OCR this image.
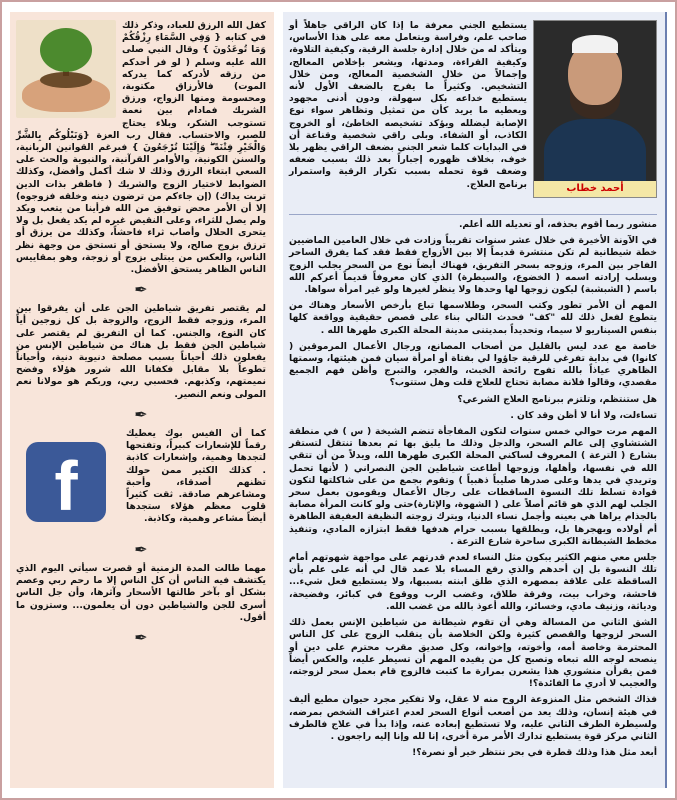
أحمد خطاب

يستطيع الجني معرفة ما إذا كان الراقي جاهلاً أو صاحب علم، وفراسة ويتعامل معه على هذا الأساس، ويتأكد له من خلال إدارة جلسة الرقية، وكيفية التلاوة، وكيفية القراءة، ومدتها، ويشعر بإخلاص المعالج، وإجمالاً من خلال الشخصية المعالج، ومن خلال التشخيص. وكثيراً ما يفرح بالضعف الأول لأنه يستطيع خداعه بكل سهولة، ودون أدنى مجهود ويعطيه ما يريد كأن من تمثيل وتظاهر سواء نوع الإصابة ليضلله ويؤكد تشخيصه الخاطئ، أو الخروج الكاذب، أو الشفاء. وبلى راقي شخصية وقناعة أن في البدايات كلما شعر الجني بضعف الراقي يظهر بلا خوف، بخلاف ظهوره إجباراً بعد ذلك بسبب ضعفه وضعف قوة تحمله بسبب تكرار الرقية واستمرار برنامج العلاج.

منشور ربما أقوم بحذفه، أو تعديله الله أعلم.

في الآونة الأخيرة في خلال عشر سنوات تقريباً وزادت في خلال العامين الماضيين خطة شيطانية لم تكن منتشرة قديماً إلا بين الأزواج فقط فقد كما يفرق الساحر الفاجر بين المرء، وزوجه بسحر التفريق، فهناك أيضاً نوع من السحر يجلب الزوج ويسلب إرادته اسمه ( الخضوع، والسيطرة) الذي كان معروفاً قديماً أعركم الله باسم ( الشبشبة) ليكون زوجها لها وحدها ولا ينظر لغيرها ولو غير امرأة سواها.

المهم أن الأمر تطور وكتب السحر، وطلاسمها تباع بأرخص الأسعار وهناك من يتطوع لفعل ذلك لله "كف" فحدث التالي بناء على قصص حقيقية وواقعة كلها بنفس السيناريو لا سيما، وتحديداً بمديتنى مدينة المحلة الكبرى طهرها الله .

خاصة مع عدد ليس بالقليل من أصحاب المصانع، ورجال الأعمال المرموقين ( كانوا) في بداية تفرغي للرقية جاؤوا لي بفتاة أو امرأة سيان فمن هيئتها، وسمتها الظاهري عياذاً بالله تفوح رائحة الخبث، والفجر، والتبرج وأظن فهم الجميع مقصدي، وقالوا فلانة مصابة تحتاج للعلاج قلت وهل ستتوب؟

هل ستنتظم، وتلتزم ببرنامج العلاج الشرعي؟

تساءلت، ولا أنا لا أظن وقد كان .

المهم مرت حوالي خمس سنوات لتكون المفاجأة تنضم الشيخة ( س ) في منطقة الشتشاوي إلى عالم السحر، والدجل وذلك ما يليق بها ثم بعدها تنتقل لتستقر بشارع ( الترعة ) المعروف لساكني المحلة الكبرى طهرها الله، ويدلاً من أن تتقي الله في نفسها، وأهلها، وزوجها أطاعت شياطين الجن النصراني ( لأنها تحمل وتريدي في يدها وعلى صدرها صليباً ذهبياً ) وتقوم بجمع من على شاكلتها لتكون قوادة تسلط تلك النسوة الساقطات على رجال الأعمال ويقومون بعمل سحر الجلب لهم الذي هو قائم أصلاً على ( الشهوة، والإثارة)حتى ولو كانت المرأة مصابة بالجذام يراها هي بعينه وأجمل نساء الدنيا، ويترك زوجته النظيفة العفيفة الطاهرة أم أولاده ويهجرها بل، ويطلقها بسبب حرام هدفها فقط ابتزازه المادي، وتنفيذ مخطط الشيطانة الكبرى ساحرة شارع الترعة .

جلس معي منهم الكثير يبكون مثل النساء لعدم قدرتهم على مواجهة شهوتهم أمام تلك النسوة بل إن أحدهم والذي رفع المساء بلا عمد قال لي أنه على علم بأن الساقطة على علاقة بمصهره الذي طلق ابنته بسببها، ولا يستطيع فعل شيء... فاحشة، وخراب بيت، وفرقة طلاق، وغضب الرب ووقوع في كبائر، وفضيحة، ودياثة، وزنيف مادي، وخسائر، والله أعوذ بالله من غضب الله.

الشق الثاني من المسالة وهي أن تقوم شيطانة من شياطين الإنس بعمل ذلك السحر لزوجها والقصص كثيرة ولكن الخلاصة بأن ينقلب الزوج على كل الناس المحترمة وخاصة أمه، وأخوته، وإخوانه، وكل صديق مقرب محترم على دين أو ينصحه لوجه الله تبعاه وتصبح كل من يفيده المهم أن تسيطر عليه، والعكس أيضاً فمن يقرأن منشوري هذا يشعرن بمرارة ما كتبت فالزوج قام بعمل سحر لزوجته، والعجيب لا أدري ما الفائدة؟!

فذاك الشخص مثل المنزوعة الروح منه لا عقل، ولا تفكير مجرد حيوان مطيع أليف في هيئة إنسان، وذلك يعد من أصعب أنواع السحر لعدم اعتراف الشخص بمرضه، ولسيطرة الطرف الثاني عليه، ولا تستطيع إبعاده عنه، وإذا بدأ في علاج فالطرف الثاني مركز قوة يستطيع تدارك الأمر مرة أخرى، إنا لله وإنا إليه راجعون .

أبعد مثل هذا وذلك قطرة في بحر ننتظر خير أو نصرة؟!

كفل الله الرزق للعباد، وذكر ذلك في كتابه { وَفِي السَّمَاءِ رِزْقُكُمْ وَمَا تُوعَدُونَ } وقال النبي صلى الله عليه وسلم ( لو فر أحدكم من رزقه لأدركه كما يدركه الموت) فالأرزاق مكتوبة، ومحسومة ومنها الزواج، ورزق الشريك فمادام بين نعمة تستوجب الشكر، وبلاء يحتاج للصبر، والاحتساب. فقال رب العزة {وَنَبْلُوكُم بِالشَّرِّ وَالْخَيْرِ فِتْنَةً ۖ وَإِلَيْنَا تُرْجَعُونَ } فبرغم القوانين الربانية، والسنن الكونية، والأوامر القرآنية، والنبوية والحث على السعي ابتغاء الرزق وذلك لا شك أكمل وأفضل، وكذلك الضوابط لاختيار الزوج والشريك ( فاظفر بذات الدين تربت يداك) (إن جاءكم من ترضون دينه وخلقه فزوجوه) إلا أن الأمر محض توفيق من الله فرأينا من يتعب ويكد ولم يصل للثراء، وعلى النقيض غيره لم يكد يفعل بل ولا يتحرى الحلال وأصاب ثراء فاحشاً، وكذلك من يرزق أو ترزق بزوج صالح، ولا يستحق أو تستحق من وجهة نظر الناس، والعكس من يبتلى بزوج أو زوجة، وهو بمقاييس الناس الظاهر يستحق الأفضل.

✒

لم يقتصر تفريق شياطين الجن على أن يفرقوا بين المرء، وزوجه فقط الزوج، والزوجة بل كل زوجين أياً كان النوع، والجنس. كما أن التفريق لم يقتصر على شياطين الجن فقط بل هناك من شياطين الإنس من يفعلون ذلك أحياناً بسبب مصلحة دنيوية دنية، وأحياناً تطوعاً بلا مقابل فكفانا الله شرور هؤلاء وفضح نميمتهم، وكذبهم. فحسبي ربي، وربكم هو مولانا نعم المولى ونعم النصير.

✒
f

كما أن الفيس بوك يعطيك رقماً للإشعارات كبيراً، وتفتحها لتجدها وهمية، وإشعارات كاذبة . كذلك الكثير ممن حولك تظنهم أصدقاء، وأحبة ومشاعرهم صادقة. ثقت كثيراً قلوب معظم هؤلاء ستجدها أيضاً مشاعر وهمية، وكاذبة.

✒

مهما طالت المدة الزمنية أو قصرت سيأتي اليوم الذي يكتشف فيه الناس أن كل الناس إلا ما رحم ربي وعصم بشكل أو بآخر طالتها الأسحار وآثرها، وأن جل الناس أسرى للجن والشياطين دون أن يعلمون... وستزون ما أقول.

✒
